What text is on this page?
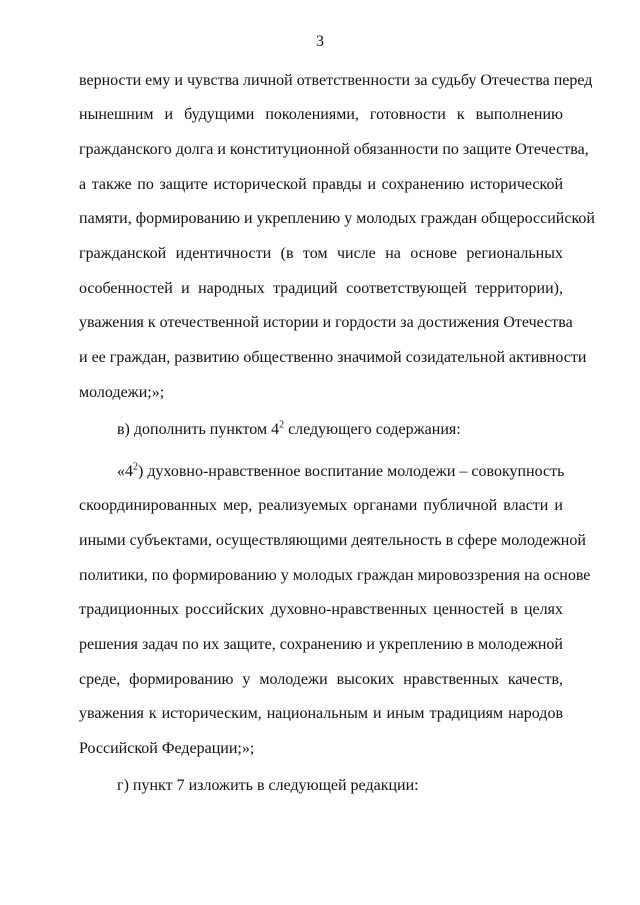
3

верности ему и чувства личной ответственности за судьбу Отечества перед

нынешним и будущими поколениями, готовности к выполнению

гражданского долга и конституционной обязанности по защите Отечества,

а также по защите исторической правды и сохранению исторической

памяти, формированию и укреплению у молодых граждан общероссийской

гражданской идентичности (в том числе на основе региональных

особенностей и народных традиций соответствующей территории),

уважения к отечественной истории и гордости за достижения Отечества

и ее граждан, развитию общественно значимой созидательной активности

молодежи;»;

в) дополнить пунктом $4^2$ следующего содержания:

«$4^2$) духовно-нравственное воспитание молодежи – совокупность

скоординированных мер, реализуемых органами публичной власти и

иными субъектами, осуществляющими деятельность в сфере молодежной

политики, по формированию у молодых граждан мировоззрения на основе

традиционных российских духовно-нравственных ценностей в целях

решения задач по их защите, сохранению и укреплению в молодежной

среде, формированию у молодежи высоких нравственных качеств,

уважения к историческим, национальным и иным традициям народов

Российской Федерации;»;

г) пункт 7 изложить в следующей редакции:
